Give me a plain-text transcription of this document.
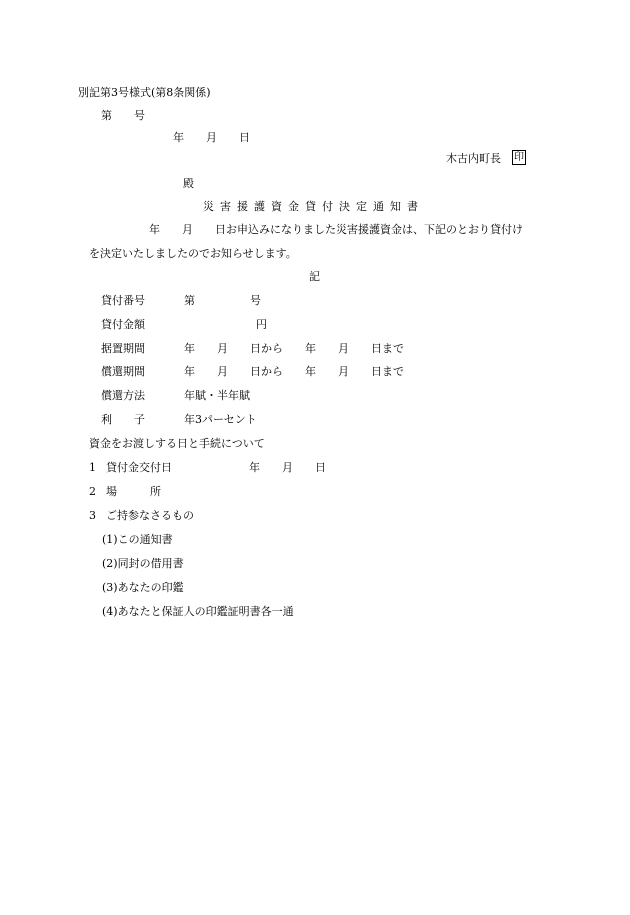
別記第3号様式(第8条関係)
第　　号
年　　月　　日
木古内町長 印
殿
災害援護資金貸付決定通知書
年　　月　　日お申込みになりました災害援護資金は、下記のとおり貸付け
を決定いたしましたのでお知らせします。
記
貸付番号	第　　　　　号
貸付金額	円
据置期間	年　　月　　日から　　年　　月　　日まで
償還期間	年　　月　　日から　　年　　月　　日まで
償還方法	年賦・半年賦
利　　子	年3パーセント
資金をお渡しする日と手続について
1 貸付金交付日	年　　月　　日
2 場　　　所
3 ご持参なさるもの
(1)この通知書
(2)同封の借用書
(3)あなたの印鑑
(4)あなたと保証人の印鑑証明書各一通
